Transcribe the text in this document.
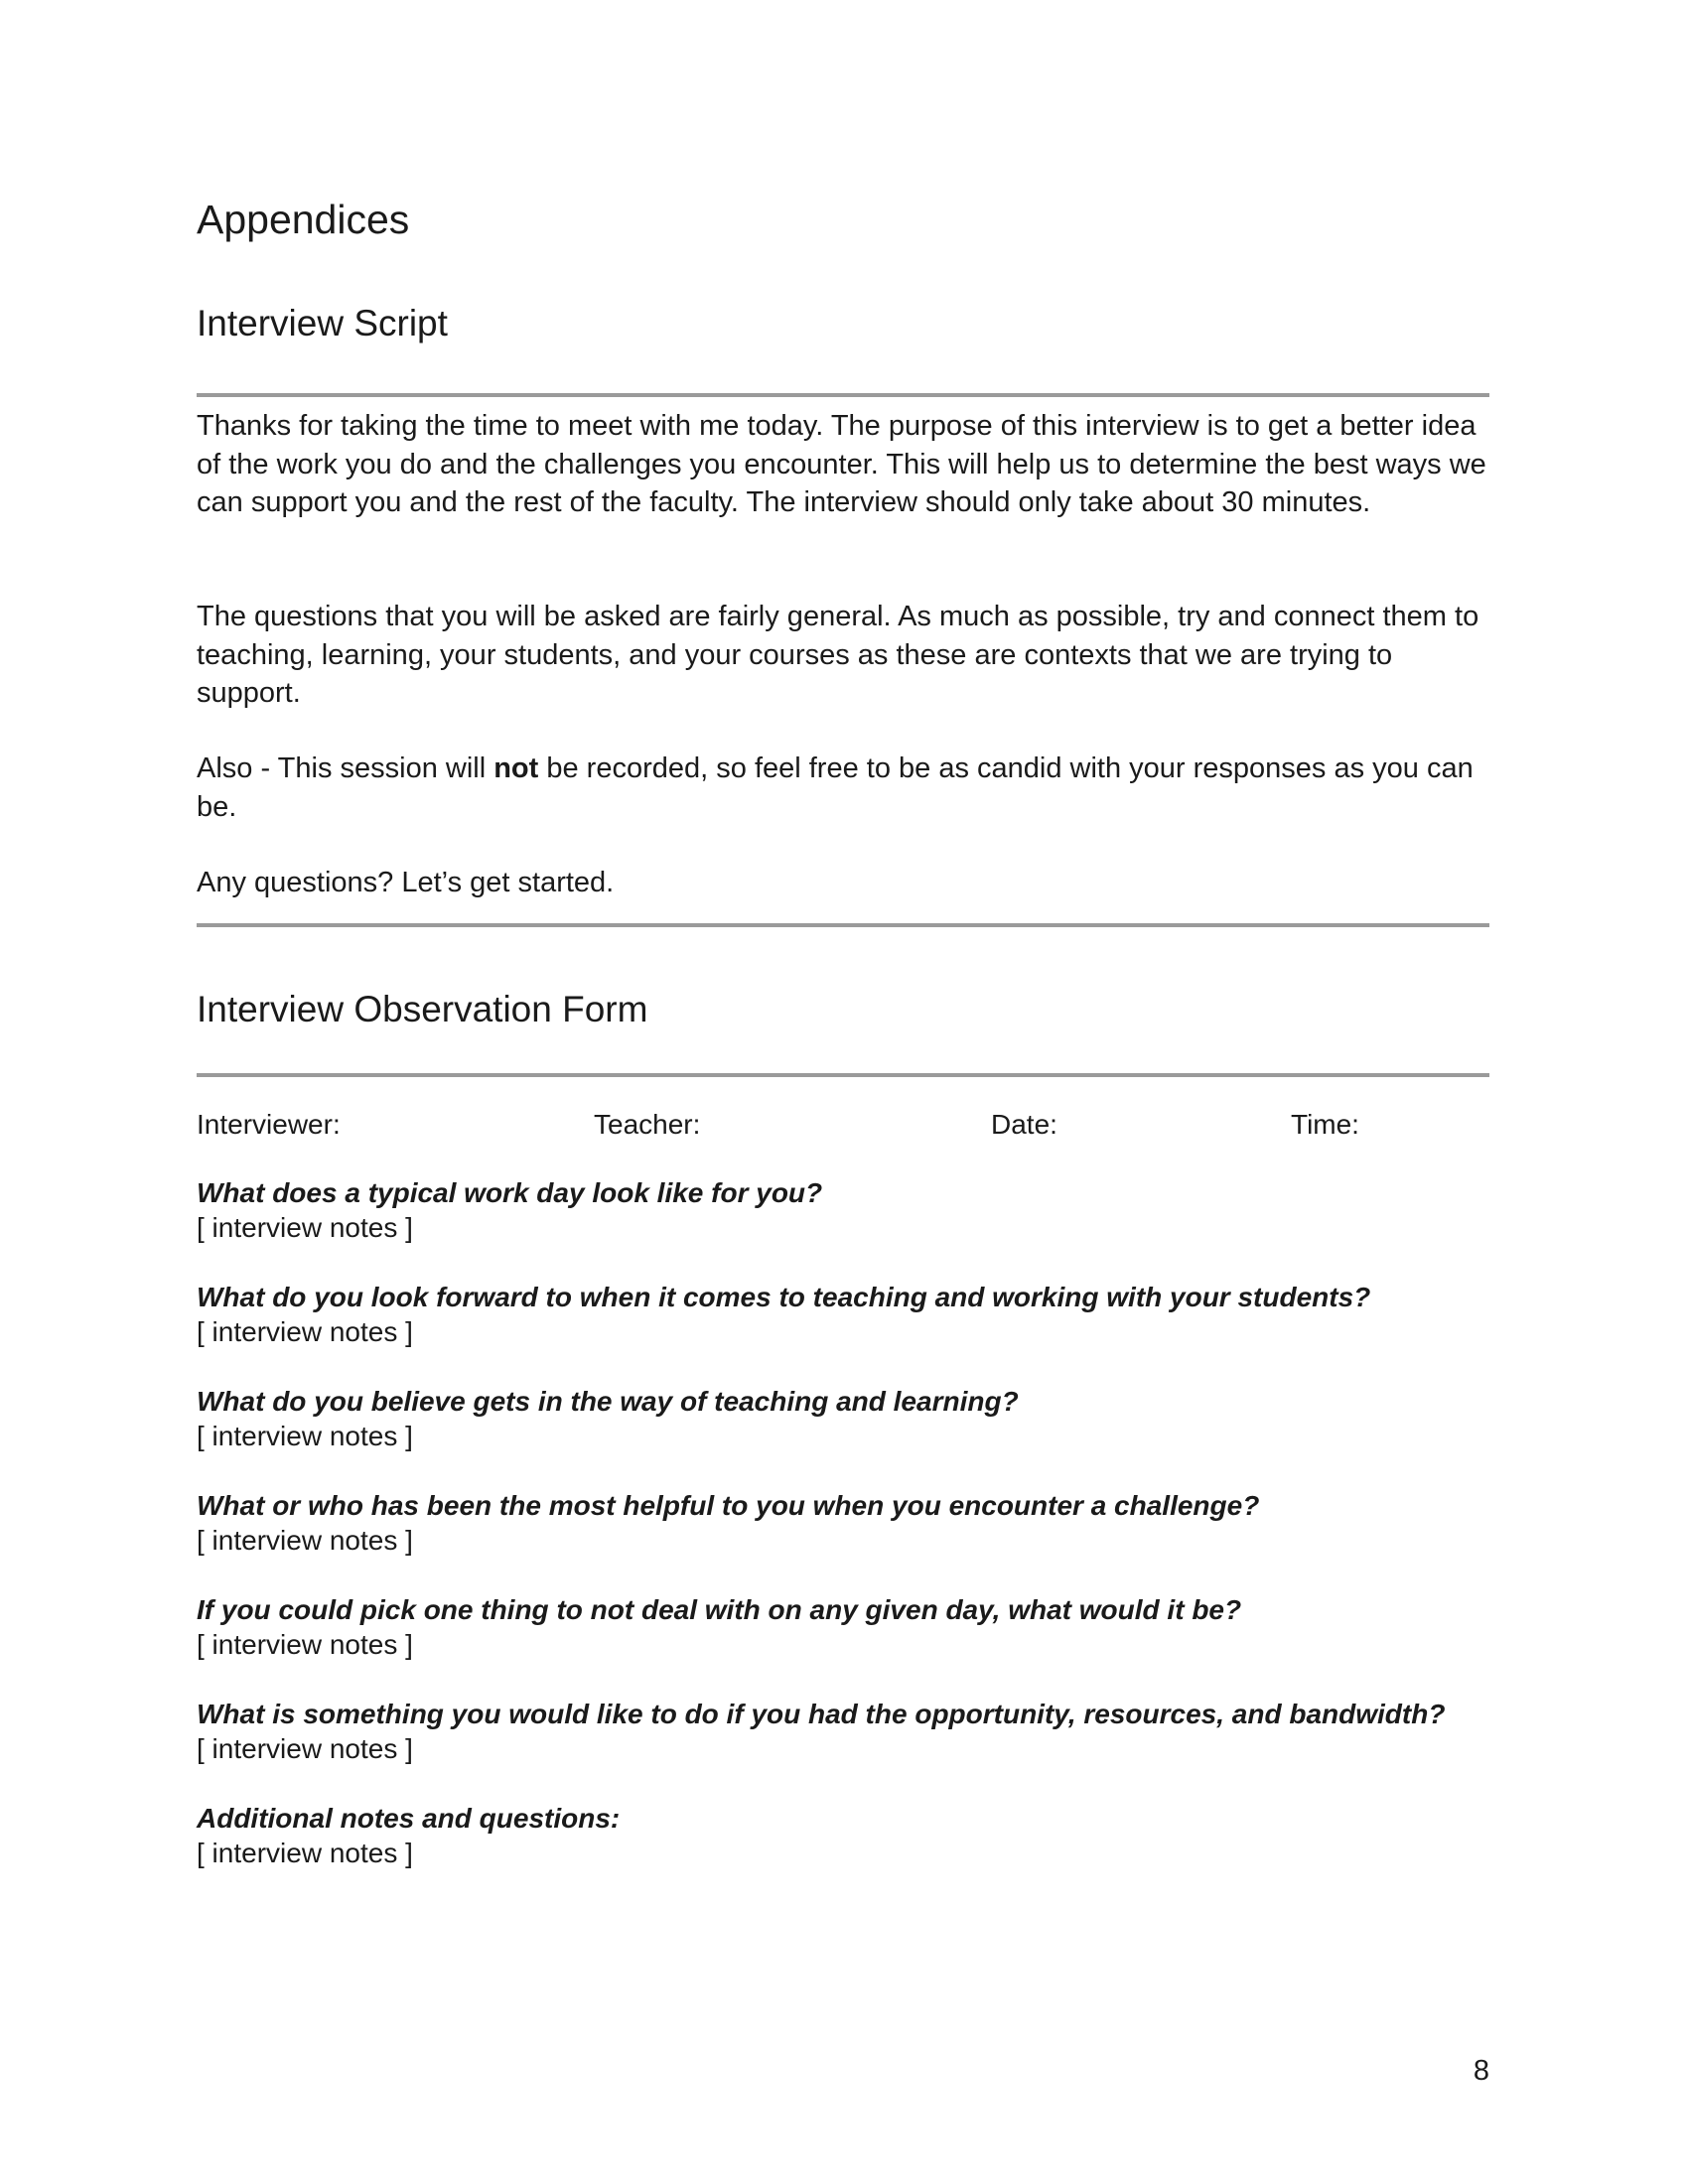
Appendices
Interview Script

Thanks for taking the time to meet with me today. The purpose of this interview is to get a better idea of the work you do and the challenges you encounter. This will help us to determine the best ways we can support you and the rest of the faculty. The interview should only take about 30 minutes.

The questions that you will be asked are fairly general. As much as possible, try and connect them to teaching, learning, your students, and your courses as these are contexts that we are trying to support.

Also - This session will not be recorded, so feel free to be as candid with your responses as you can be.

Any questions? Let’s get started.

Interview Observation Form
Interviewer:	Teacher:	Date:	Time:
What does a typical work day look like for you?
[ interview notes ]
What do you look forward to when it comes to teaching and working with your students?
[ interview notes ]
What do you believe gets in the way of teaching and learning?
[ interview notes ]
What or who has been the most helpful to you when you encounter a challenge?
[ interview notes ]
If you could pick one thing to not deal with on any given day, what would it be?
[ interview notes ]
What is something you would like to do if you had the opportunity, resources, and bandwidth?
[ interview notes ]
Additional notes and questions:
[ interview notes ]
8
